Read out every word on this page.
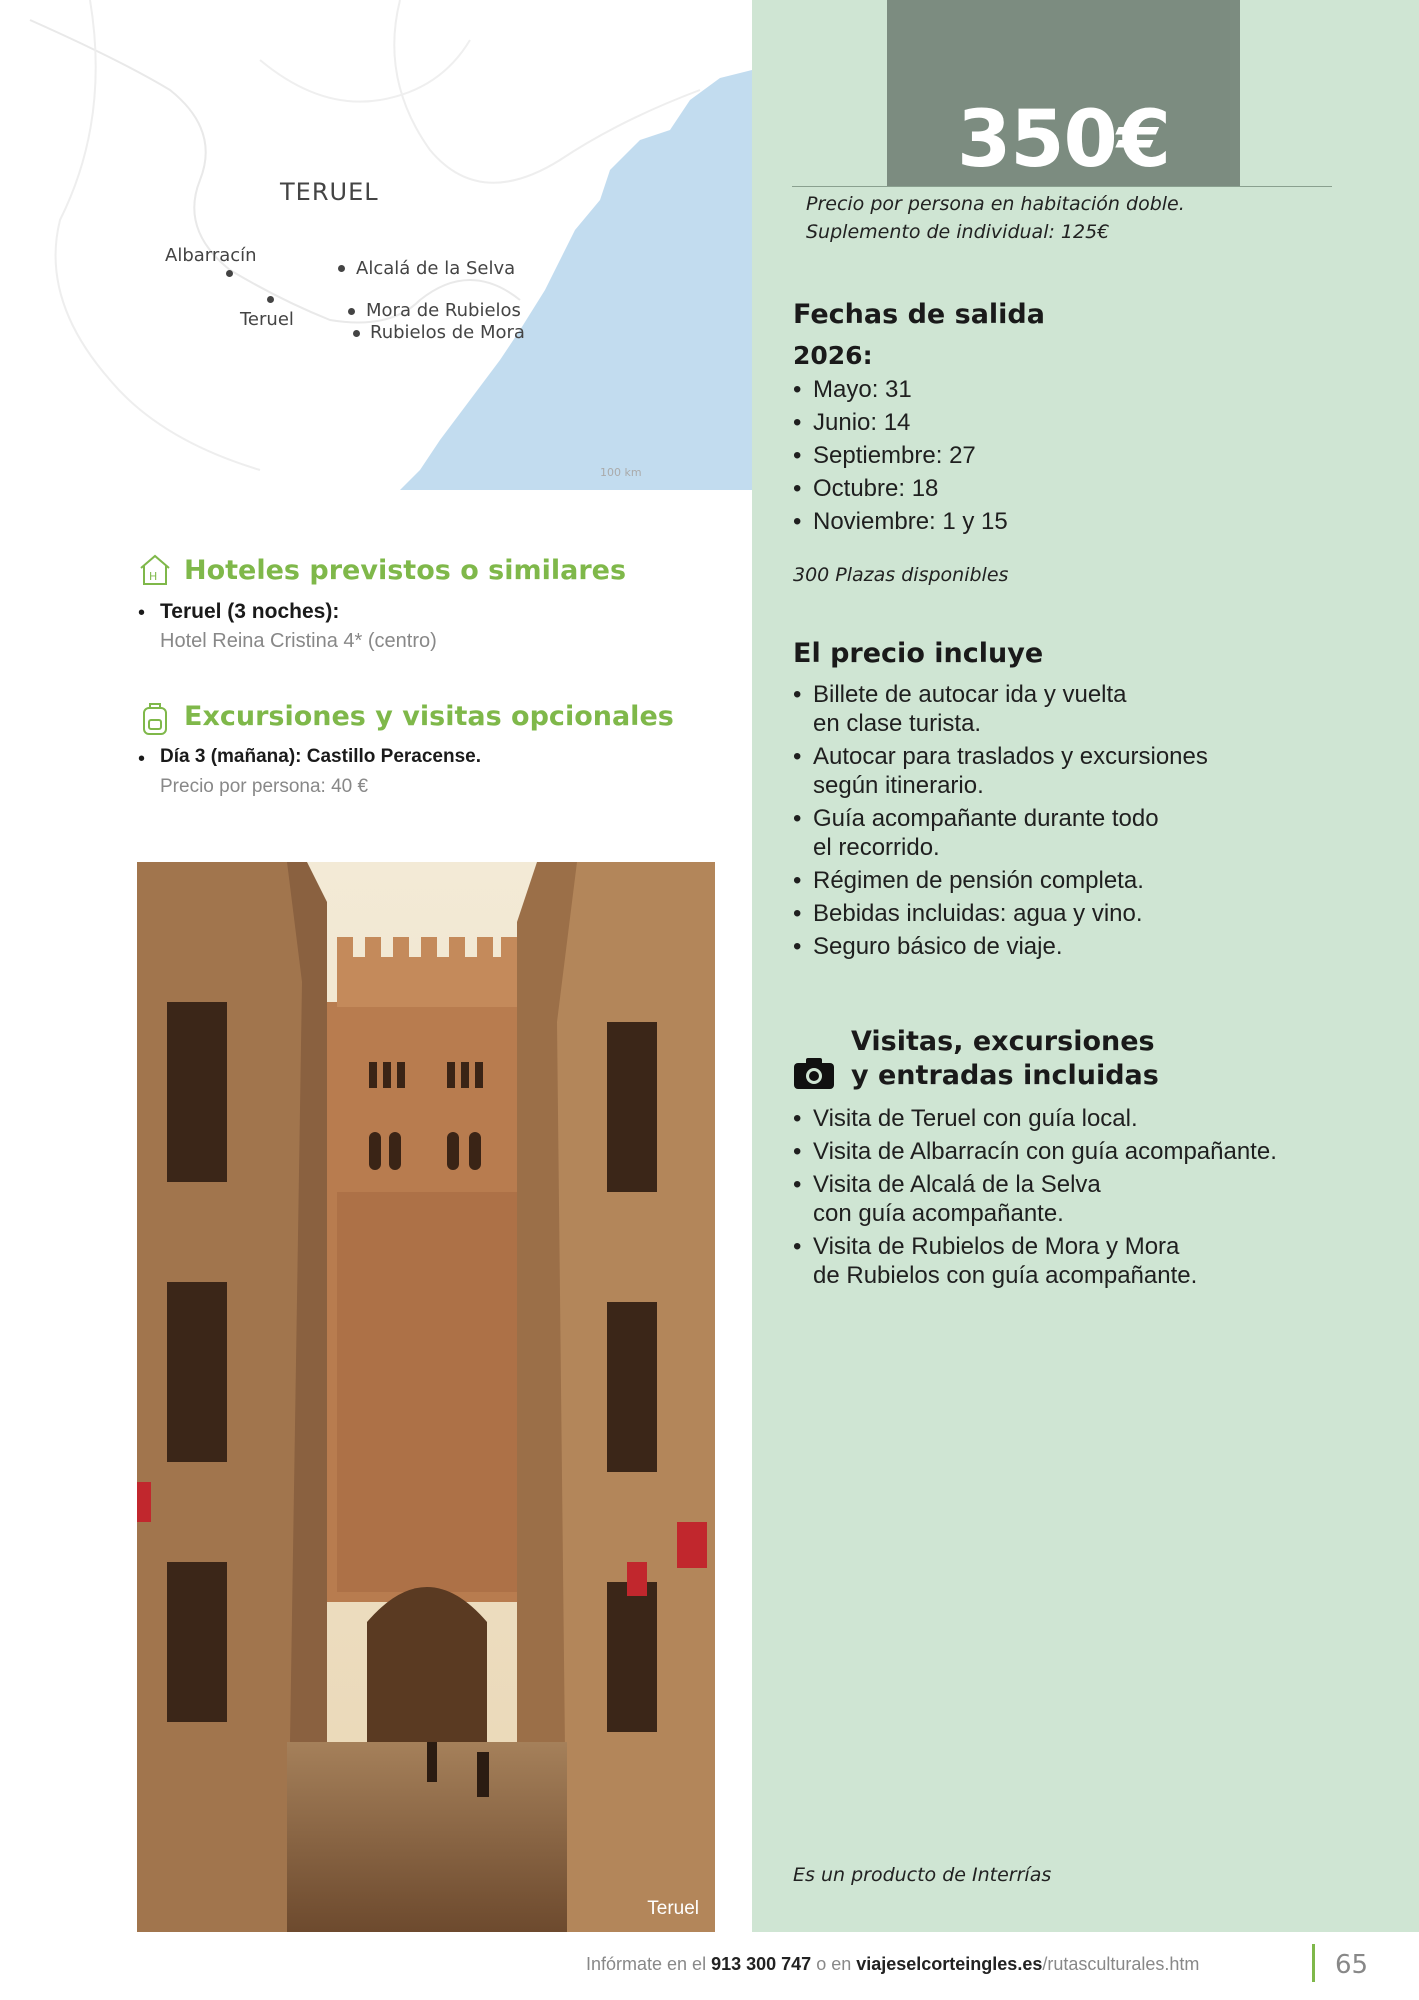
TERUEL
Albarracín
Teruel
Alcalá de la Selva
Mora de Rubielos
Rubielos de Mora
100 km
350€
Precio por persona en habitación doble.
Suplemento de individual: 125€
Fechas de salida
2026:
• Mayo: 31
• Junio: 14
• Septiembre: 27
• Octubre: 18
• Noviembre: 1 y 15
300 Plazas disponibles
El precio incluye
• Billete de autocar ida y vuelta
en clase turista.
• Autocar para traslados y excursiones
según itinerario.
• Guía acompañante durante todo
el recorrido.
• Régimen de pensión completa.
• Bebidas incluidas: agua y vino.
• Seguro básico de viaje.
Visitas, excursiones
y entradas incluidas
• Visita de Teruel con guía local.
• Visita de Albarracín con guía acompañante.
• Visita de Alcalá de la Selva
con guía acompañante.
• Visita de Rubielos de Mora y Mora
de Rubielos con guía acompañante.
Es un producto de Interrías
H Hoteles previstos o similares
• Teruel (3 noches):
Hotel Reina Cristina 4* (centro)
Excursiones y visitas opcionales
• Día 3 (mañana): Castillo Peracense.
Precio por persona: 40 €
Teruel
Infórmate en el 913 300 747 o en viajeselcorteingles.es/rutasculturales.htm	65
